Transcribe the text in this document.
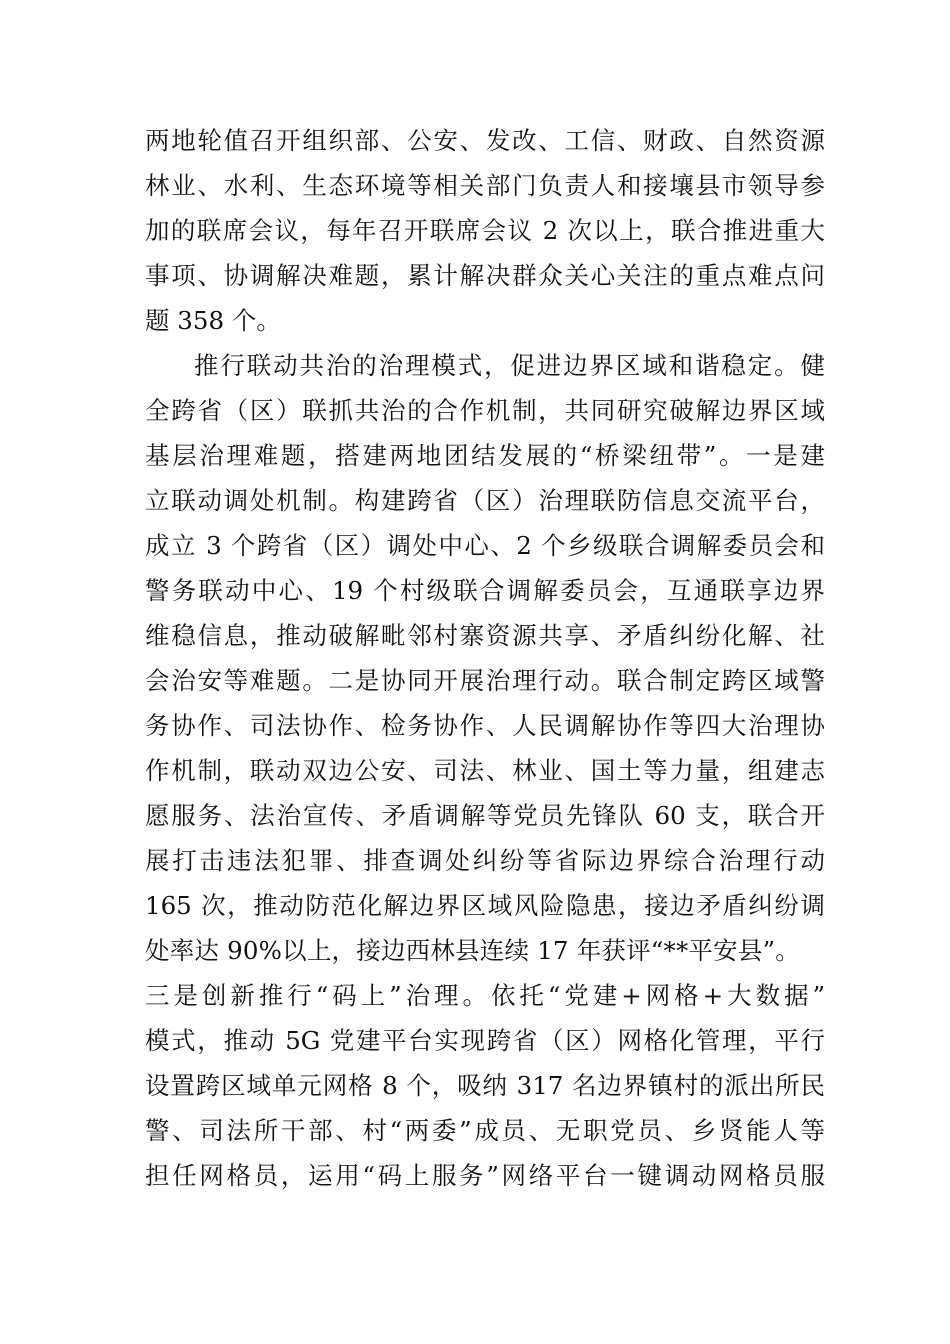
两地轮值召开组织部、公安、发改、工信、财政、自然资源
林业、水利、生态环境等相关部门负责人和接壤县市领导参
加的联席会议，每年召开联席会议 2 次以上，联合推进重大
事项、协调解决难题，累计解决群众关心关注的重点难点问
题 358 个。
推行联动共治的治理模式，促进边界区域和谐稳定。健
全跨省（区）联抓共治的合作机制，共同研究破解边界区域
基层治理难题，搭建两地团结发展的“桥梁纽带”。一是建
立联动调处机制。构建跨省（区）治理联防信息交流平台，
成立 3 个跨省（区）调处中心、2 个乡级联合调解委员会和
警务联动中心、19 个村级联合调解委员会，互通联享边界
维稳信息，推动破解毗邻村寨资源共享、矛盾纠纷化解、社
会治安等难题。二是协同开展治理行动。联合制定跨区域警
务协作、司法协作、检务协作、人民调解协作等四大治理协
作机制，联动双边公安、司法、林业、国土等力量，组建志
愿服务、法治宣传、矛盾调解等党员先锋队 60 支，联合开
展打击违法犯罪、排查调处纠纷等省际边界综合治理行动
165 次，推动防范化解边界区域风险隐患，接边矛盾纠纷调
处率达 90%以上，接边西林县连续 17 年获评“**平安县”。
三是创新推行“码上”治理。依托“党建+网格+大数据”
模式，推动 5G 党建平台实现跨省（区）网格化管理，平行
设置跨区域单元网格 8 个，吸纳 317 名边界镇村的派出所民
警、司法所干部、村“两委”成员、无职党员、乡贤能人等
担任网格员，运用“码上服务”网络平台一键调动网格员服
